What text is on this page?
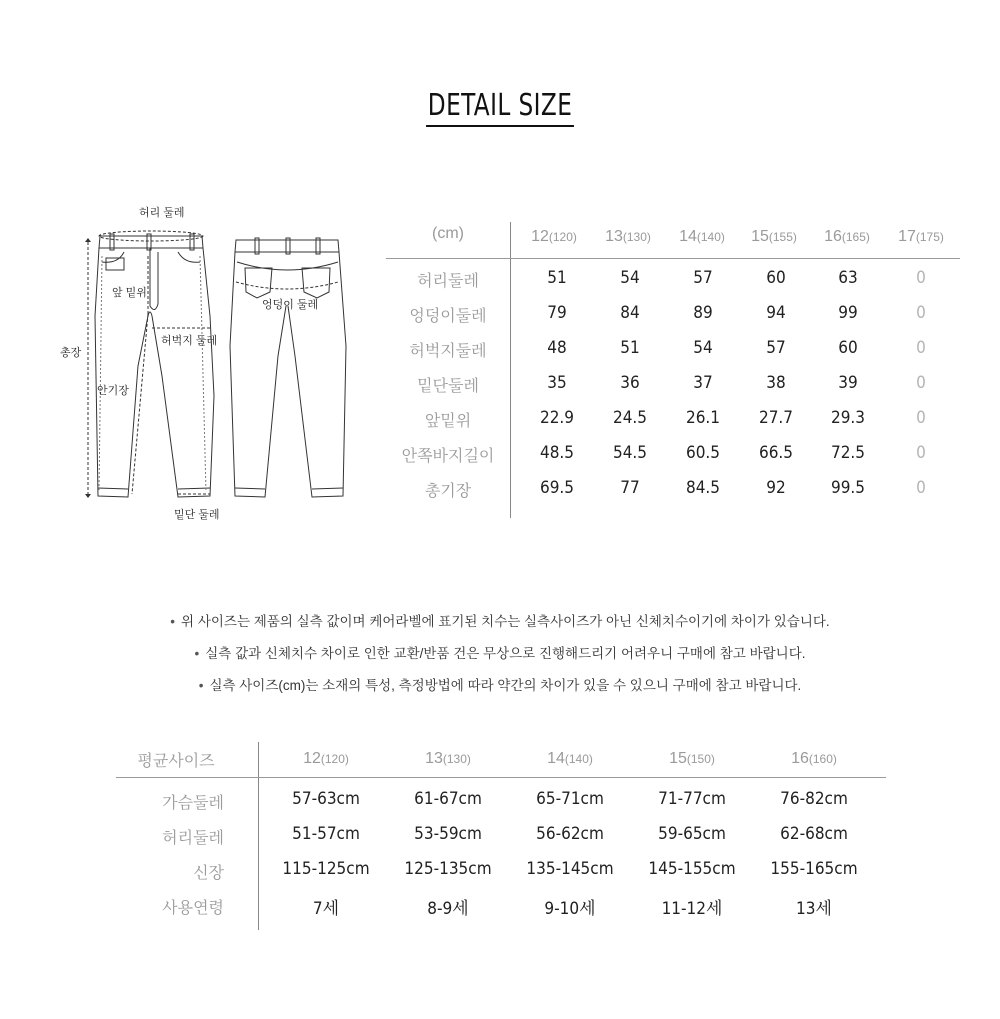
DETAIL SIZE
허리 둘레
앞 밑위
허벅지 둘레
안기장
총장
밑단 둘레
엉덩이 둘레
(cm)	12(120)	13(130)	14(140)	15(155)	16(165)	17(175)
허리둘레	51	54	57	60	63	0
엉덩이둘레	79	84	89	94	99	0
허벅지둘레	48	51	54	57	60	0
밑단둘레	35	36	37	38	39	0
앞밑위	22.9	24.5	26.1	27.7	29.3	0
안쪽바지길이	48.5	54.5	60.5	66.5	72.5	0
총기장	69.5	77	84.5	92	99.5	0
• 위 사이즈는 제품의 실측 값이며 케어라벨에 표기된 치수는 실측사이즈가 아닌 신체치수이기에 차이가 있습니다.
• 실측 값과 신체치수 차이로 인한 교환/반품 건은 무상으로 진행해드리기 어려우니 구매에 참고 바랍니다.
• 실측 사이즈(cm)는 소재의 특성, 측정방법에 따라 약간의 차이가 있을 수 있으니 구매에 참고 바랍니다.
평균사이즈	12(120)	13(130)	14(140)	15(150)	16(160)
가슴둘레	57-63cm	61-67cm	65-71cm	71-77cm	76-82cm
허리둘레	51-57cm	53-59cm	56-62cm	59-65cm	62-68cm
신장	115-125cm	125-135cm	135-145cm	145-155cm	155-165cm
사용연령	7세	8-9세	9-10세	11-12세	13세
